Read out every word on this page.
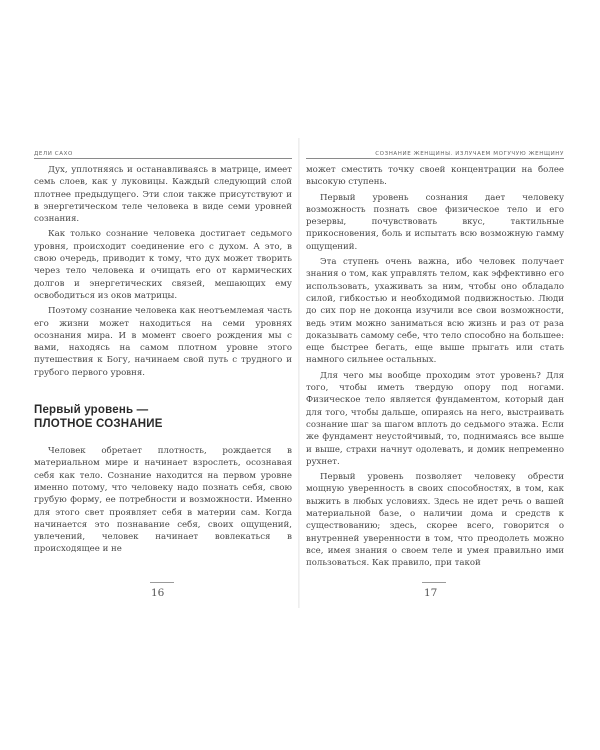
ДЕЛИ САХО

Дух, уплотняясь и останавливаясь в матрице, имеет семь слоев, как у луковицы. Каждый следующий слой плотнее предыдущего. Эти слои также присутствуют и в энергетическом теле человека в виде семи уровней сознания.

Как только сознание человека достигает седьмого уровня, происходит соединение его с духом. А это, в свою очередь, приводит к тому, что дух может творить через тело человека и очищать его от кармических долгов и энергетических связей, мешающих ему освободиться из оков матрицы.

Поэтому сознание человека как неотъемлемая часть его жизни может находиться на семи уровнях осознания мира. И в момент своего рождения мы с вами, находясь на самом плотном уровне этого путешествия к Богу, начинаем свой путь с трудного и грубого первого уровня.

Первый уровень —
ПЛОТНОЕ СОЗНАНИЕ

Человек обретает плотность, рождается в материальном мире и начинает взрослеть, осознавая себя как тело. Сознание находится на первом уровне именно потому, что человеку надо познать себя, свою грубую форму, ее потребности и возможности. Именно для этого свет проявляет себя в материи сам. Когда начинается это познавание себя, своих ощущений, увлечений, человек начинает вовлекаться в происходящее и не

16
СОЗНАНИЕ ЖЕНЩИНЫ. ИЗЛУЧАЕМ МОГУЧУЮ ЖЕНЩИНУ

может сместить точку своей концентрации на более высокую ступень.

Первый уровень сознания дает человеку возможность познать свое физическое тело и его резервы, почувствовать вкус, тактильные прикосновения, боль и испытать всю возможную гамму ощущений.

Эта ступень очень важна, ибо человек получает знания о том, как управлять телом, как эффективно его использовать, ухаживать за ним, чтобы оно обладало силой, гибкостью и необходимой подвижностью. Люди до сих пор не доконца изучили все свои возможности, ведь этим можно заниматься всю жизнь и раз от раза доказывать самому себе, что тело способно на большее: еще быстрее бегать, еще выше прыгать или стать намного сильнее остальных.

Для чего мы вообще проходим этот уровень? Для того, чтобы иметь твердую опору под ногами. Физическое тело является фундаментом, который дан для того, чтобы дальше, опираясь на него, выстраивать сознание шаг за шагом вплоть до седьмого этажа. Если же фундамент неустойчивый, то, поднимаясь все выше и выше, страхи начнут одолевать, и домик непременно рухнет.

Первый уровень позволяет человеку обрести мощную уверенность в своих способностях, в том, как выжить в любых условиях. Здесь не идет речь о вашей материальной базе, о наличии дома и средств к существованию; здесь, скорее всего, говорится о внутренней уверенности в том, что преодолеть можно все, имея знания о своем теле и умея правильно ими пользоваться. Как правило, при такой

17
